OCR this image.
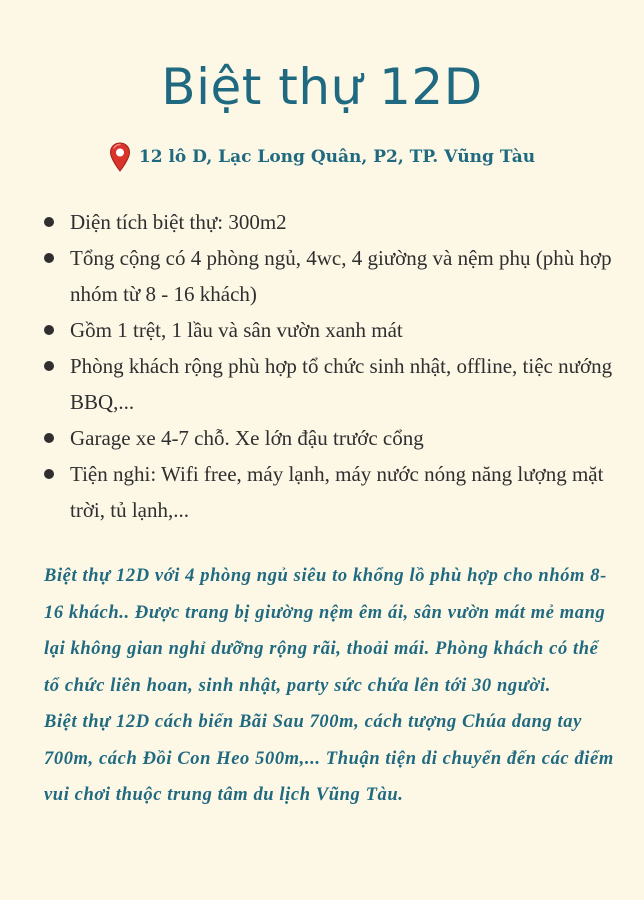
Biệt thự 12D
12 lô D, Lạc Long Quân, P2, TP. Vũng Tàu
Diện tích biệt thự: 300m2
Tổng cộng có 4 phòng ngủ, 4wc, 4 giường và nệm phụ (phù hợp nhóm từ 8 - 16 khách)
Gồm 1 trệt, 1 lầu và sân vườn xanh mát
Phòng khách rộng phù hợp tổ chức sinh nhật, offline, tiệc nướng BBQ,...
Garage xe 4-7 chỗ. Xe lớn đậu trước cổng
Tiện nghi: Wifi free, máy lạnh, máy nước nóng năng lượng mặt trời, tủ lạnh,...
Biệt thự 12D với 4 phòng ngủ siêu to khổng lồ phù hợp cho nhóm 8-16 khách.. Được trang bị giường nệm êm ái, sân vườn mát mẻ mang lại không gian nghỉ dưỡng rộng rãi, thoải mái. Phòng khách có thể tổ chức liên hoan, sinh nhật, party sức chứa lên tới 30 người.
Biệt thự 12D cách biển Bãi Sau 700m, cách tượng Chúa dang tay 700m, cách Đồi Con Heo 500m,... Thuận tiện di chuyển đến các điểm vui chơi thuộc trung tâm du lịch Vũng Tàu.
